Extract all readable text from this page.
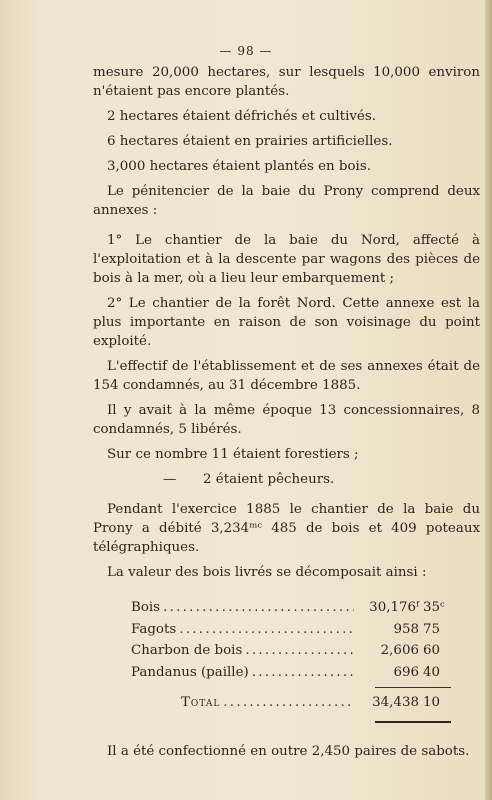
— 98 —

mesure 20,000 hectares, sur lesquels 10,000 environ n'étaient pas encore plantés.

2 hectares étaient défrichés et cultivés.

6 hectares étaient en prairies artificielles.

3,000 hectares étaient plantés en bois.

Le pénitencier de la baie du Prony comprend deux annexes :

1° Le chantier de la baie du Nord, affecté à l'exploitation et à la descente par wagons des pièces de bois à la mer, où a lieu leur embarquement ;

2° Le chantier de la forêt Nord. Cette annexe est la plus importante en raison de son voisinage du point exploité.

L'effectif de l'établissement et de ses annexes était de 154 condamnés, au 31 décembre 1885.

Il y avait à la même époque 13 concessionnaires, 8 condamnés, 5 libérés.

Sur ce nombre 11 étaient forestiers ;

— 2 étaient pêcheurs.

Pendant l'exercice 1885 le chantier de la baie du Prony a débité 3,234ᵐᶜ 485 de bois et 409 poteaux télégraphiques.

La valeur des bois livrés se décomposait ainsi :

Bois . . .	30,176ᶠ 35ᶜ
Fagots . . .	958 75
Charbon de bois . . .	2,606 60
Pandanus (paille) . . .	696 40
Total . . .	34,438 10

Il a été confectionné en outre 2,450 paires de sabots.
